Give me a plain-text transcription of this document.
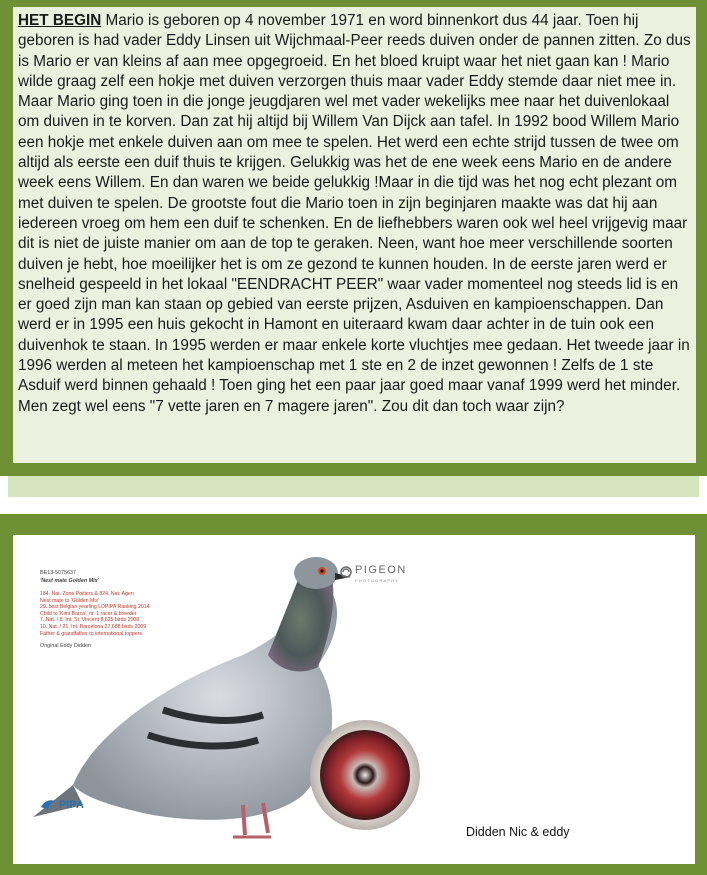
HET BEGIN Mario is geboren op 4 november 1971 en word binnenkort dus 44 jaar. Toen hij geboren is had vader Eddy Linsen uit Wijchmaal-Peer reeds duiven onder de pannen zitten. Zo dus is Mario er van kleins af aan mee opgegroeid. En het bloed kruipt waar het niet gaan kan ! Mario wilde graag zelf een hokje met duiven verzorgen thuis maar vader Eddy stemde daar niet mee in. Maar Mario ging toen in die jonge jeugdjaren wel met vader wekelijks mee naar het duivenlokaal om duiven in te korven. Dan zat hij altijd bij Willem Van Dijck aan tafel. In 1992 bood Willem Mario een hokje met enkele duiven aan om mee te spelen. Het werd een echte strijd tussen de twee om altijd als eerste een duif thuis te krijgen. Gelukkig was het de ene week eens Mario en de andere week eens Willem. En dan waren we beide gelukkig !Maar in die tijd was het nog echt plezant om met duiven te spelen. De grootste fout die Mario toen in zijn beginjaren maakte was dat hij aan iedereen vroeg om hem een duif te schenken. En de liefhebbers waren ook wel heel vrijgevig maar dit is niet de juiste manier om aan de top te geraken. Neen, want hoe meer verschillende soorten duiven je hebt, hoe moeilijker het is om ze gezond te kunnen houden. In de eerste jaren werd er snelheid gespeeld in het lokaal "EENDRACHT PEER" waar vader momenteel nog steeds lid is en er goed zijn man kan staan op gebied van eerste prijzen, Asduiven en kampioenschappen. Dan werd er in 1995 een huis gekocht in Hamont en uiteraard kwam daar achter in de tuin ook een duivenhok te staan. In 1995 werden er maar enkele korte vluchtjes mee gedaan. Het tweede jaar in 1996 werden al meteen het kampioenschap met 1 ste en 2 de inzet gewonnen ! Zelfs de 1 ste Asduif werd binnen gehaald ! Toen ging het een paar jaar goed maar vanaf 1999 werd het minder. Men zegt wel eens "7 vette jaren en 7 magere jaren". Zou dit dan toch waar zijn?

BE13-5075637
'Nest mate Golden Mix'
184. Nat. Zone Poitiers & 824. Nat. Agen
Nest mate to 'Golden Mix'
29. best Belgian yearling LDPIPA Ranking 2014
Child to 'Kimi Barca', nr. 1 racer & breeder
7. Nat. / 8. Int. St. Vincent 8,625 birds 2008
10. Nat. / 21. Int. Barcelona 27,688 birds 2009
Father & grandfather to international toppers
Original Eddy Didden
PIGEON
PHOTOGRAPHY
PIPA
Didden Nic & eddy
